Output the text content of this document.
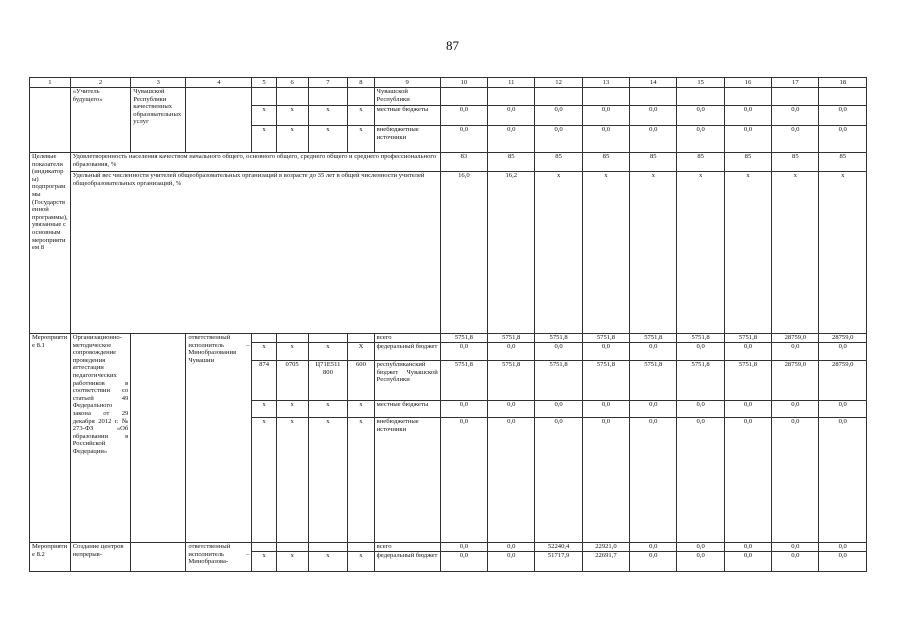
87
1	2	3	4	5	6	7	8	9	10	11	12	13	14	15	16	17	18
	«Учитель будущего»	Чувашской Республики качественных образовательных услуг						Чувашской Республики									
				x	x	x	x	местные бюджеты	0,0	0,0	0,0	0,0	0,0	0,0	0,0	0,0	0,0
				x	x	x	x	внебюджетные источники	0,0	0,0	0,0	0,0	0,0	0,0	0,0	0,0	0,0
Целевые показатели (индикаторы) подпрограммы (Государственной программы), увязанные с основным мероприятием 8	Удовлетворенность населения качеством начального общего, основного общего, среднего общего и среднего профессионального образования, %								83	85	85	85	85	85	85	85	85
	Удельный вес численности учителей общеобразовательных организаций в возрасте до 35 лет в общей численности учителей общеобразовательных организаций, %								16,0	16,2	x	x	x	x	x	x	x
Мероприятие 8.1	Организационно-методическое сопровождение проведения аттестации педагогических работников в соответствии со статьей 49 Федерального закона от 29 декабря 2012 г. № 273-ФЗ «Об образовании в Российской Федерации»		ответственный исполнитель – Минобразования Чувашии					всего	5751,8	5751,8	5751,8	5751,8	5751,8	5751,8	5751,8	28759,0	28759,0
				x	x	x	X	федеральный бюджет	0,0	0,0	0,0	0,0	0,0	0,0	0,0	0,0	0,0
				874	0705	Ц71Е511 800	600	республиканский бюджет Чувашской Республики	5751,8	5751,8	5751,8	5751,8	5751,8	5751,8	5751,8	28759,0	28759,0
				x	x	x	x	местные бюджеты	0,0	0,0	0,0	0,0	0,0	0,0	0,0	0,0	0,0
				x	x	x	x	внебюджетные источники	0,0	0,0	0,0	0,0	0,0	0,0	0,0	0,0	0,0
Мероприятие 8.2	Создание центров непрерыв-		ответственный исполнитель – Минобразова-					всего	0,0	0,0	52240,4	22921,0	0,0	0,0	0,0	0,0	0,0
				x	x	x	x	федеральный бюджет	0,0	0,0	51717,9	22691,7	0,0	0,0	0,0	0,0	0,0
